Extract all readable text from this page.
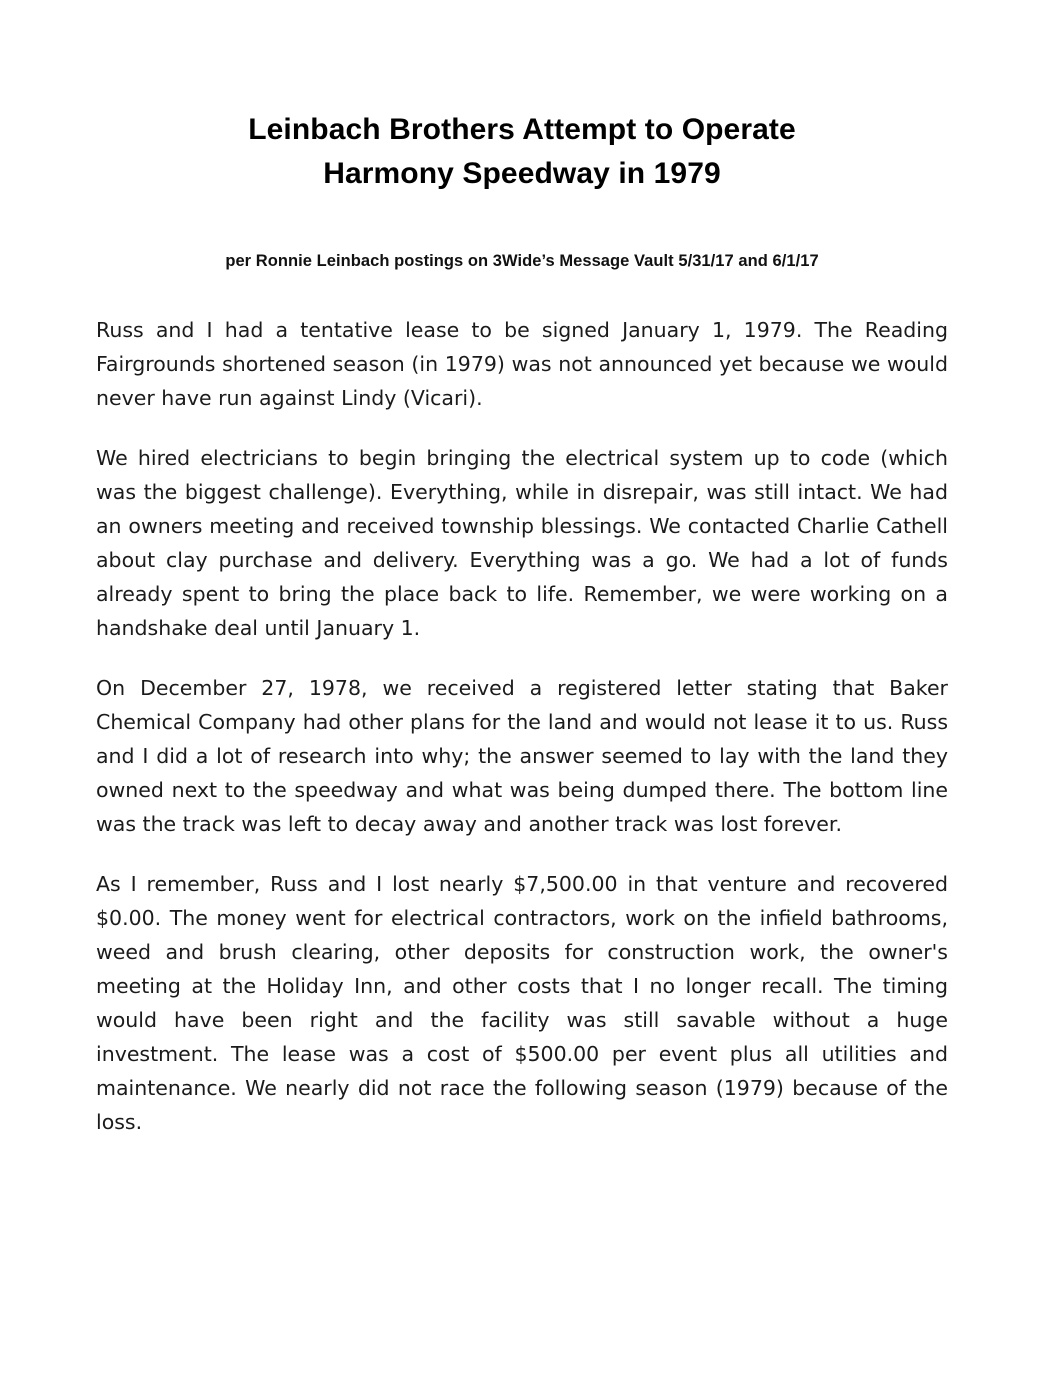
Leinbach Brothers Attempt to Operate
Harmony Speedway in 1979
per Ronnie Leinbach postings on 3Wide’s Message Vault 5/31/17 and 6/1/17

Russ and I had a tentative lease to be signed January 1, 1979. The Reading Fairgrounds shortened season (in 1979) was not announced yet because we would never have run against Lindy (Vicari).

We hired electricians to begin bringing the electrical system up to code (which was the biggest challenge). Everything, while in disrepair, was still intact. We had an owners meeting and received township blessings. We contacted Charlie Cathell about clay purchase and delivery. Everything was a go. We had a lot of funds already spent to bring the place back to life. Remember, we were working on a handshake deal until January 1.

On December 27, 1978, we received a registered letter stating that Baker Chemical Company had other plans for the land and would not lease it to us. Russ and I did a lot of research into why; the answer seemed to lay with the land they owned next to the speedway and what was being dumped there. The bottom line was the track was left to decay away and another track was lost forever.

As I remember, Russ and I lost nearly $7,500.00 in that venture and recovered $0.00. The money went for electrical contractors, work on the infield bathrooms, weed and brush clearing, other deposits for construction work, the owner's meeting at the Holiday Inn, and other costs that I no longer recall. The timing would have been right and the facility was still savable without a huge investment. The lease was a cost of $500.00 per event plus all utilities and maintenance. We nearly did not race the following season (1979) because of the loss.
